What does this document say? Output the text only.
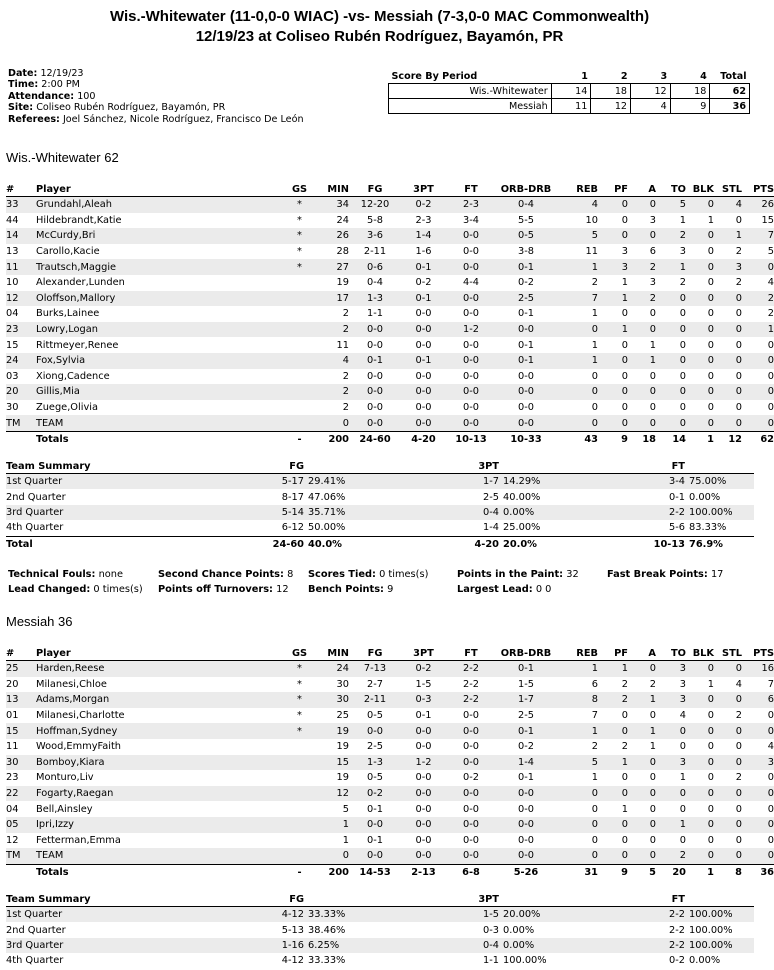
Wis.-Whitewater (11-0,0-0 WIAC) -vs- Messiah (7-3,0-0 MAC Commonwealth)
12/19/23 at Coliseo Rubén Rodríguez, Bayamón, PR
Date: 12/19/23
Time: 2:00 PM
Attendance: 100
Site: Coliseo Rubén Rodríguez, Bayamón, PR
Referees: Joel Sánchez, Nicole Rodríguez, Francisco De León
Score By Period	1	2	3	4	Total
Wis.-Whitewater	14	18	12	18	62
Messiah	11	12	4	9	36
Wis.-Whitewater 62
#	Player	GS	MIN	FG	3PT	FT	ORB-DRB	REB	PF	A	TO	BLK	STL	PTS
33	Grundahl,Aleah	*	34	12-20	0-2	2-3	0-4	4	0	0	5	0	4	26
44	Hildebrandt,Katie	*	24	5-8	2-3	3-4	5-5	10	0	3	1	1	0	15
14	McCurdy,Bri	*	26	3-6	1-4	0-0	0-5	5	0	0	2	0	1	7
13	Carollo,Kacie	*	28	2-11	1-6	0-0	3-8	11	3	6	3	0	2	5
11	Trautsch,Maggie	*	27	0-6	0-1	0-0	0-1	1	3	2	1	0	3	0
10	Alexander,Lunden		19	0-4	0-2	4-4	0-2	2	1	3	2	0	2	4
12	Oloffson,Mallory		17	1-3	0-1	0-0	2-5	7	1	2	0	0	0	2
04	Burks,Lainee		2	1-1	0-0	0-0	0-1	1	0	0	0	0	0	2
23	Lowry,Logan		2	0-0	0-0	1-2	0-0	0	1	0	0	0	0	1
15	Rittmeyer,Renee		11	0-0	0-0	0-0	0-1	1	0	1	0	0	0	0
24	Fox,Sylvia		4	0-1	0-1	0-0	0-1	1	0	1	0	0	0	0
03	Xiong,Cadence		2	0-0	0-0	0-0	0-0	0	0	0	0	0	0	0
20	Gillis,Mia		2	0-0	0-0	0-0	0-0	0	0	0	0	0	0	0
30	Zuege,Olivia		2	0-0	0-0	0-0	0-0	0	0	0	0	0	0	0
TM	TEAM		0	0-0	0-0	0-0	0-0	0	0	0	0	0	0	0
	Totals	-	200	24-60	4-20	10-13	10-33	43	9	18	14	1	12	62
Team Summary	FG		3PT		FT	
1st Quarter	5-17	29.41%	1-7	14.29%	3-4	75.00%
2nd Quarter	8-17	47.06%	2-5	40.00%	0-1	0.00%
3rd Quarter	5-14	35.71%	0-4	0.00%	2-2	100.00%
4th Quarter	6-12	50.00%	1-4	25.00%	5-6	83.33%
Total	24-60	40.0%	4-20	20.0%	10-13	76.9%
Technical Fouls: none	Second Chance Points: 8 Scores Tied: 0 times(s)	Points in the Paint: 32	Fast Break Points: 17
Lead Changed: 0 times(s) Points off Turnovers: 12 Bench Points: 9	Largest Lead: 0 0
Messiah 36
#	Player	GS	MIN	FG	3PT	FT	ORB-DRB	REB	PF	A	TO	BLK	STL	PTS
25	Harden,Reese	*	24	7-13	0-2	2-2	0-1	1	1	0	3	0	0	16
20	Milanesi,Chloe	*	30	2-7	1-5	2-2	1-5	6	2	2	3	1	4	7
13	Adams,Morgan	*	30	2-11	0-3	2-2	1-7	8	2	1	3	0	0	6
01	Milanesi,Charlotte	*	25	0-5	0-1	0-0	2-5	7	0	0	4	0	2	0
15	Hoffman,Sydney	*	19	0-0	0-0	0-0	0-1	1	0	1	0	0	0	0
11	Wood,EmmyFaith		19	2-5	0-0	0-0	0-2	2	2	1	0	0	0	4
30	Bomboy,Kiara		15	1-3	1-2	0-0	1-4	5	1	0	3	0	0	3
23	Monturo,Liv		19	0-5	0-0	0-2	0-1	1	0	0	1	0	2	0
22	Fogarty,Raegan		12	0-2	0-0	0-0	0-0	0	0	0	0	0	0	0
04	Bell,Ainsley		5	0-1	0-0	0-0	0-0	0	1	0	0	0	0	0
05	Ipri,Izzy		1	0-0	0-0	0-0	0-0	0	0	0	1	0	0	0
12	Fetterman,Emma		1	0-1	0-0	0-0	0-0	0	0	0	0	0	0	0
TM	TEAM		0	0-0	0-0	0-0	0-0	0	0	0	2	0	0	0
	Totals	-	200	14-53	2-13	6-8	5-26	31	9	5	20	1	8	36
Team Summary	FG		3PT		FT	
1st Quarter	4-12	33.33%	1-5	20.00%	2-2	100.00%
2nd Quarter	5-13	38.46%	0-3	0.00%	2-2	100.00%
3rd Quarter	1-16	6.25%	0-4	0.00%	2-2	100.00%
4th Quarter	4-12	33.33%	1-1	100.00%	0-2	0.00%
